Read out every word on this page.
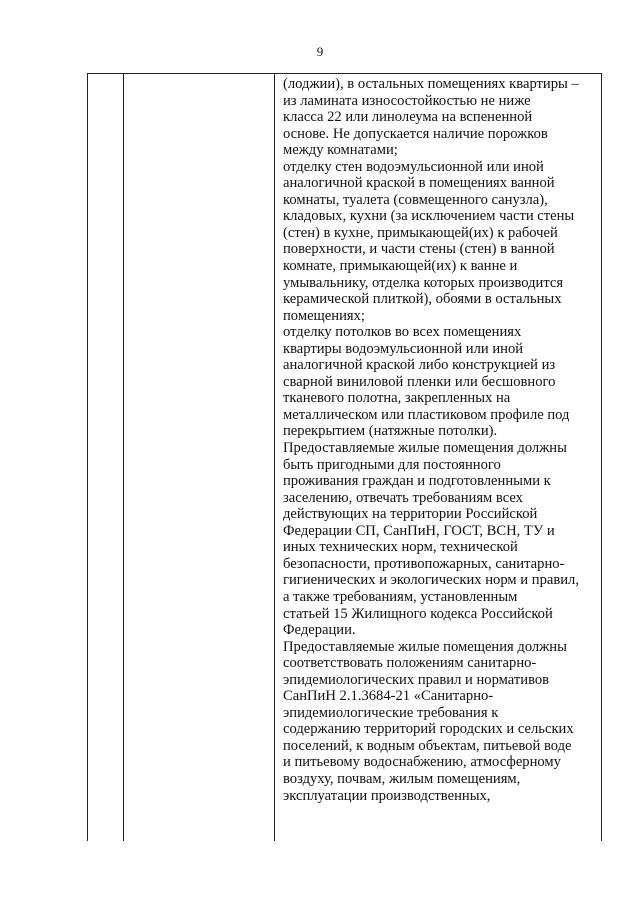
9
(лоджии), в остальных помещениях квартиры –
из ламината износостойкостью не ниже
класса 22 или линолеума на вспененной
основе. Не допускается наличие порожков
между комнатами;
отделку стен водоэмульсионной или иной
аналогичной краской в помещениях ванной
комнаты, туалета (совмещенного санузла),
кладовых, кухни (за исключением части стены
(стен) в кухне, примыкающей(их) к рабочей
поверхности, и части стены (стен) в ванной
комнате, примыкающей(их) к ванне и
умывальнику, отделка которых производится
керамической плиткой), обоями в остальных
помещениях;
отделку потолков во всех помещениях
квартиры водоэмульсионной или иной
аналогичной краской либо конструкцией из
сварной виниловой пленки или бесшовного
тканевого полотна, закрепленных на
металлическом или пластиковом профиле под
перекрытием (натяжные потолки).
Предоставляемые жилые помещения должны
быть пригодными для постоянного
проживания граждан и подготовленными к
заселению, отвечать требованиям всех
действующих на территории Российской
Федерации СП, СанПиН, ГОСТ, ВСН, ТУ и
иных технических норм, технической
безопасности, противопожарных, санитарно-
гигиенических и экологических норм и правил,
а также требованиям, установленным
статьей 15 Жилищного кодекса Российской
Федерации.
Предоставляемые жилые помещения должны
соответствовать положениям санитарно-
эпидемиологических правил и нормативов
СанПиН 2.1.3684-21 «Санитарно-
эпидемиологические требования к
содержанию территорий городских и сельских
поселений, к водным объектам, питьевой воде
и питьевому водоснабжению, атмосферному
воздуху, почвам, жилым помещениям,
эксплуатации производственных,
